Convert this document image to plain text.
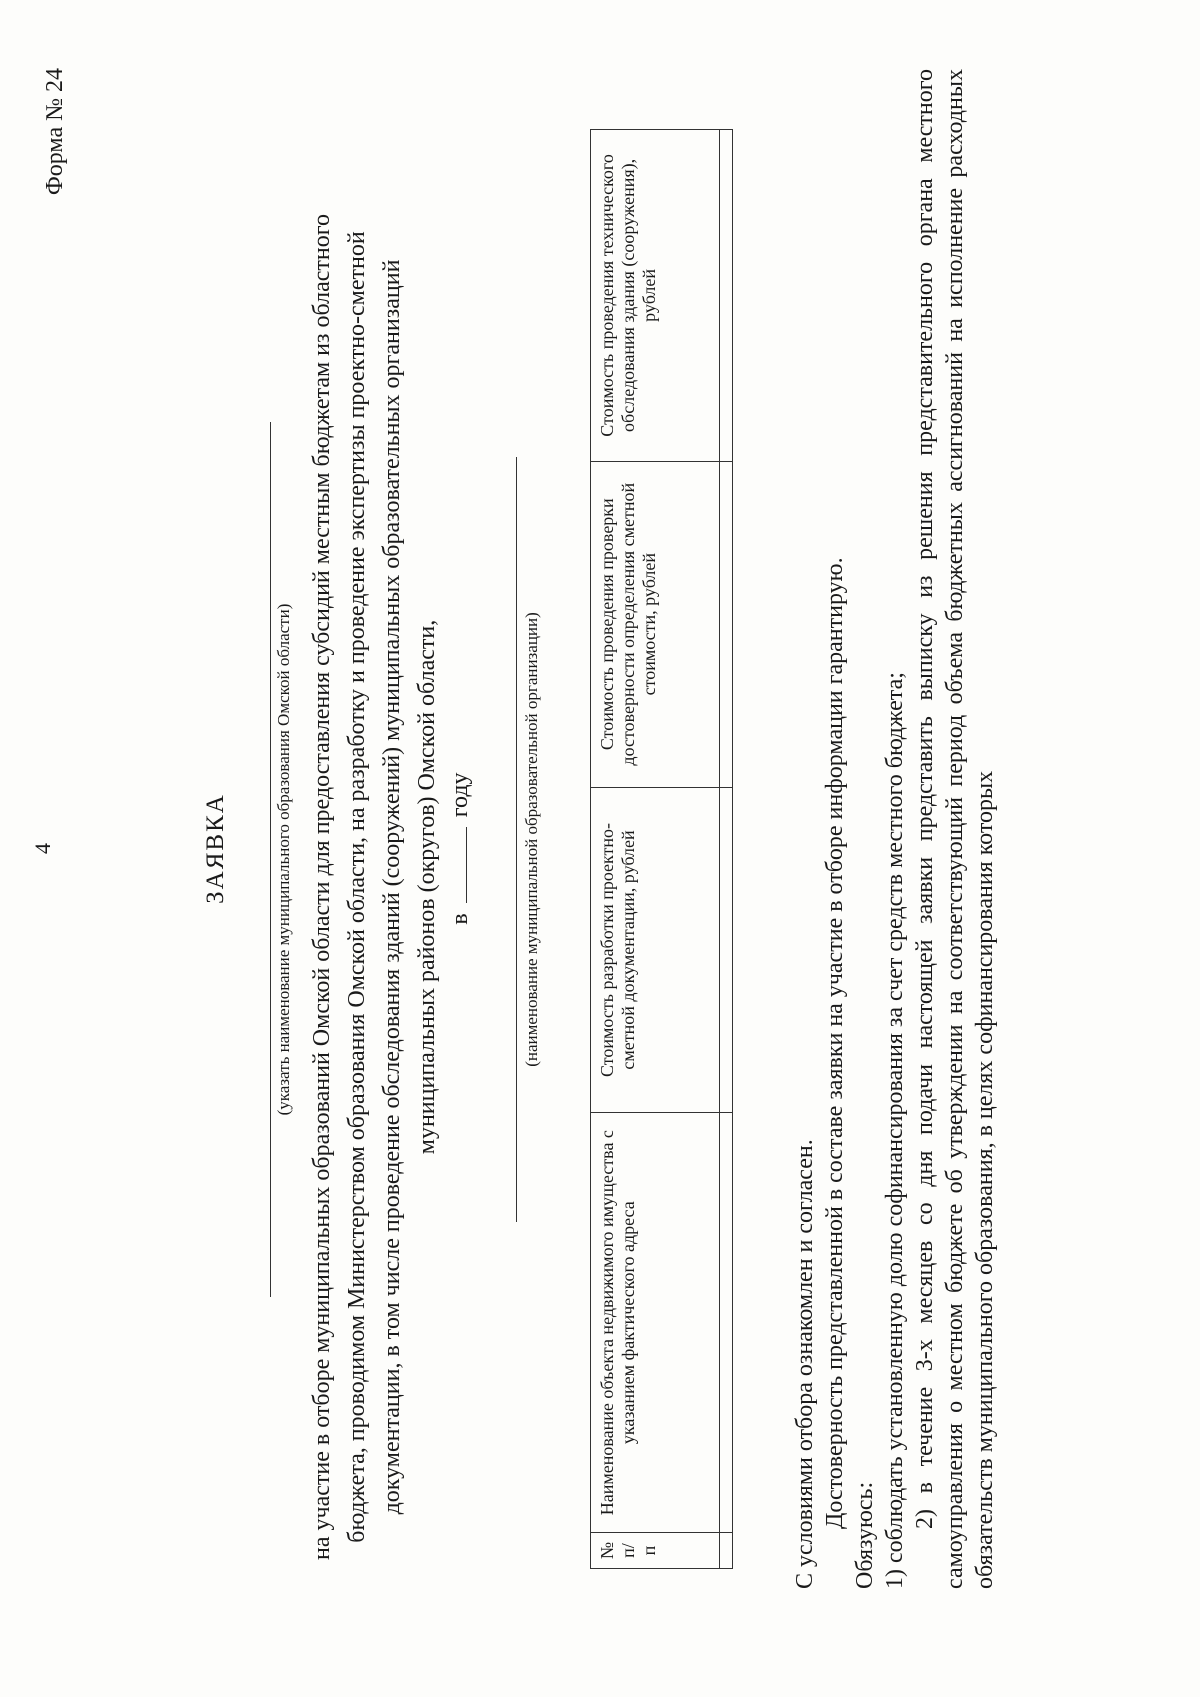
4
Форма № 24
ЗАЯВКА	(указать наименование муниципального образования Омской области) на участие в отборе муниципальных образований Омской области для предоставления субсидий местным бюджетам из областного бюджета, проводимом Министерством образования Омской области, на разработку и проведение экспертизы проектно-сметной документации, в том числе проведение обследования зданий (сооружений) муниципальных образовательных организаций муниципальных районов (округов) Омской области, в  году	(наименование муниципальной образовательной организации)
№ п/п	Наименование объекта недвижимого имущества с указанием фактического адреса	Стоимость разработки проектно-сметной документации, рублей	Стоимость проведения проверки достоверности определения сметной стоимости, рублей	Стоимость проведения технического обследования здания (сооружения), рублей

С условиями отбора ознакомлен и согласен. Достоверность представленной в составе заявки на участие в отборе информации гарантирую.

Обязуюсь: 1) соблюдать установленную долю софинансирования за счет средств местного бюджета; 2) в течение 3-х месяцев со дня подачи настоящей заявки представить выписку из решения представительного органа местного самоуправления о местном бюджете об утверждении на соответствующий период объема бюджетных ассигнований на исполнение расходных обязательств муниципального образования, в целях софинансирования которых
